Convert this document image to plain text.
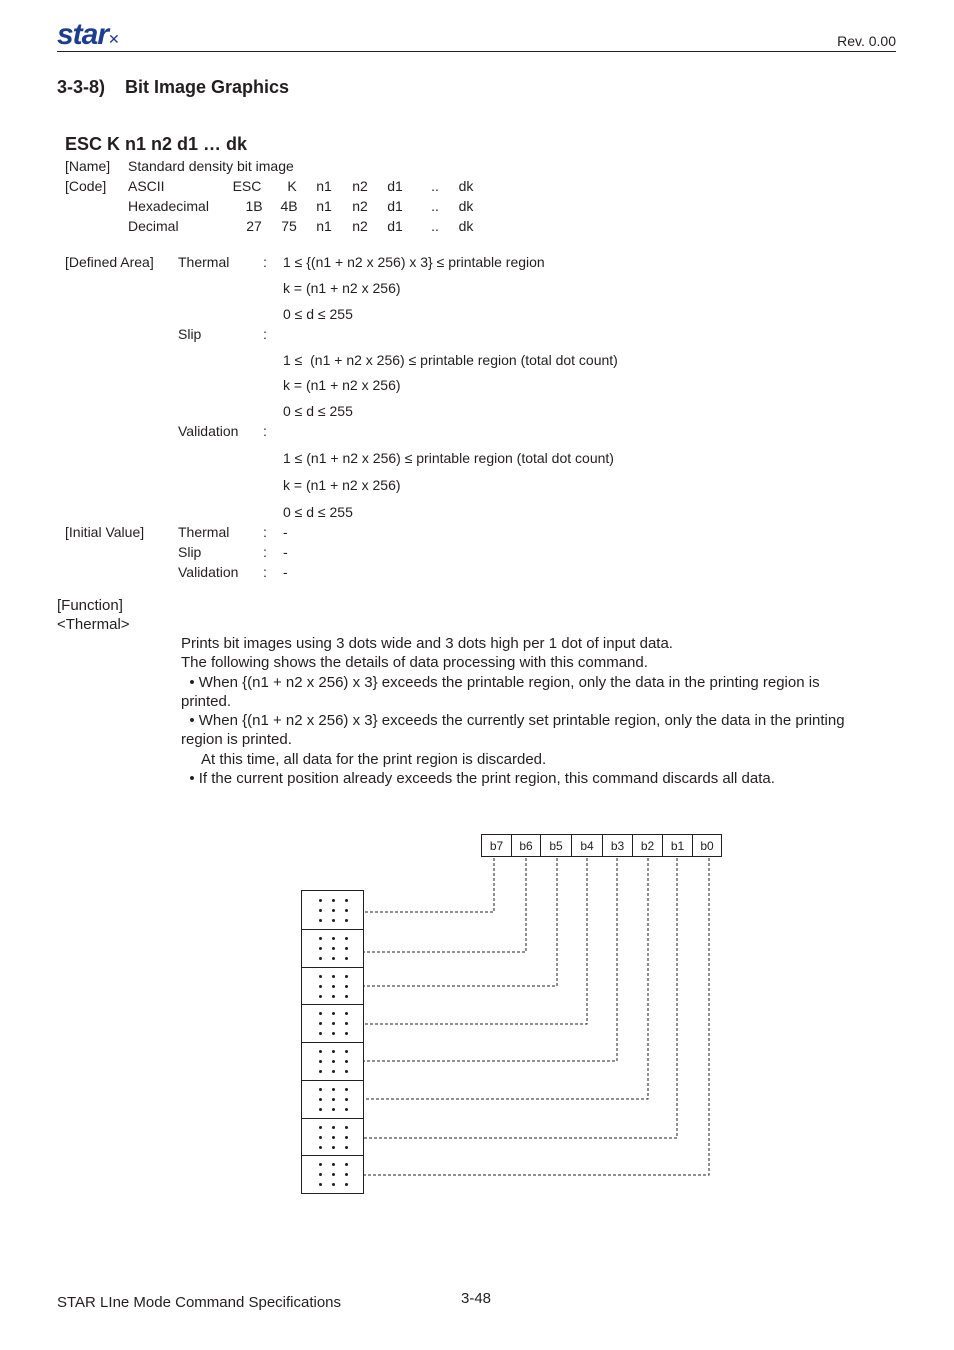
star✕	Rev. 0.00
3-3-8)    Bit Image Graphics
ESC K n1 n2 d1 … dk
[Name] Standard density bit image
[Code] ASCII	ESC	K	n1	n2	d1	..	dk
Hexadecimal	1B	4B	n1	n2	d1	..	dk
Decimal	27	75	n1	n2	d1	..	dk
[Defined Area] Thermal : 1 ≤ {(n1 + n2 x 256) x 3} ≤ printable region
k = (n1 + n2 x 256)
0 ≤ d ≤ 255
Slip	:
1 ≤  (n1 + n2 x 256) ≤ printable region (total dot count)
k = (n1 + n2 x 256)
0 ≤ d ≤ 255
Validation :
1 ≤ (n1 + n2 x 256) ≤ printable region (total dot count)
k = (n1 + n2 x 256)
0 ≤ d ≤ 255
[Initial Value] Thermal : -
Slip	: -
Validation : -
[Function]
<Thermal>
Prints bit images using 3 dots wide and 3 dots high per 1 dot of input data.
The following shows the details of data processing with this command.
• When {(n1 + n2 x 256) x 3} exceeds the printable region, only the data in the printing region is
printed.
• When {(n1 + n2 x 256) x 3} exceeds the currently set printable region, only the data in the printing
region is printed.
At this time, all data for the print region is discarded.
• If the current position already exceeds the print region, this command discards all data.
b7	b6	b5	b4	b3	b2	b1	b0
STAR LIne Mode Command Specifications	3-48
